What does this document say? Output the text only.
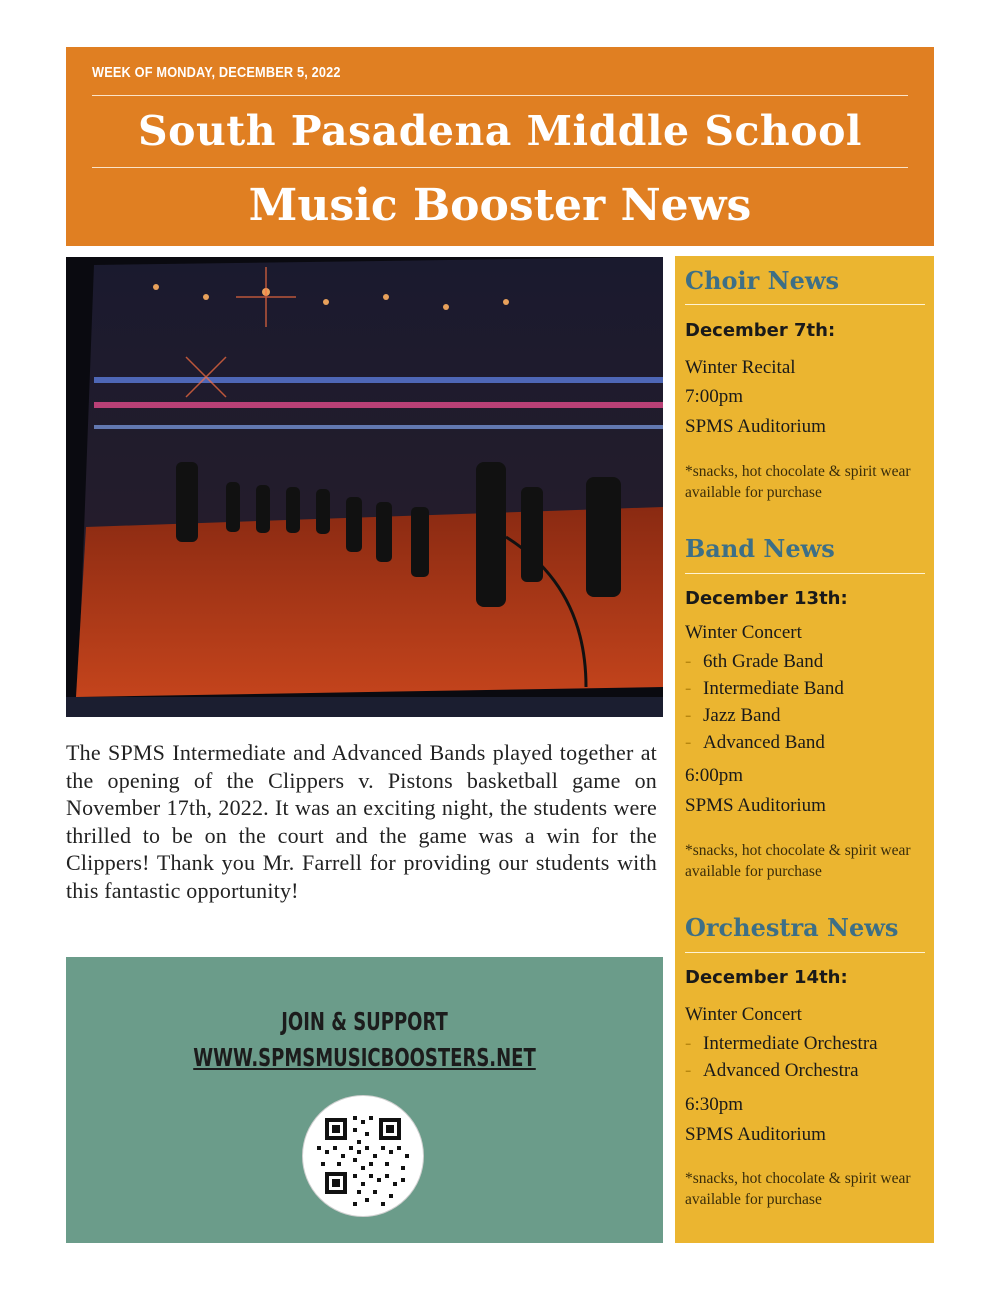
WEEK OF MONDAY, DECEMBER 5, 2022
South Pasadena Middle School
Music Booster News
The SPMS Intermediate and Advanced Bands played together at the opening of the Clippers v. Pistons basketball game on November 17th, 2022. It was an exciting night, the students were thrilled to be on the court and the game was a win for the Clippers! Thank you Mr. Farrell for providing our students with this fantastic opportunity!
JOIN & SUPPORT
WWW.SPMSMUSICBOOSTERS.NET
Choir News
December 7th:
Winter Recital
7:00pm
SPMS Auditorium
*snacks, hot chocolate & spirit wear available for purchase
Band News
December 13th:
Winter Concert
- 6th Grade Band
- Intermediate Band
- Jazz Band
- Advanced Band
6:00pm
SPMS Auditorium
*snacks, hot chocolate & spirit wear available for purchase
Orchestra News
December 14th:
Winter Concert
- Intermediate Orchestra
- Advanced Orchestra
6:30pm
SPMS Auditorium
*snacks, hot chocolate & spirit wear available for purchase
